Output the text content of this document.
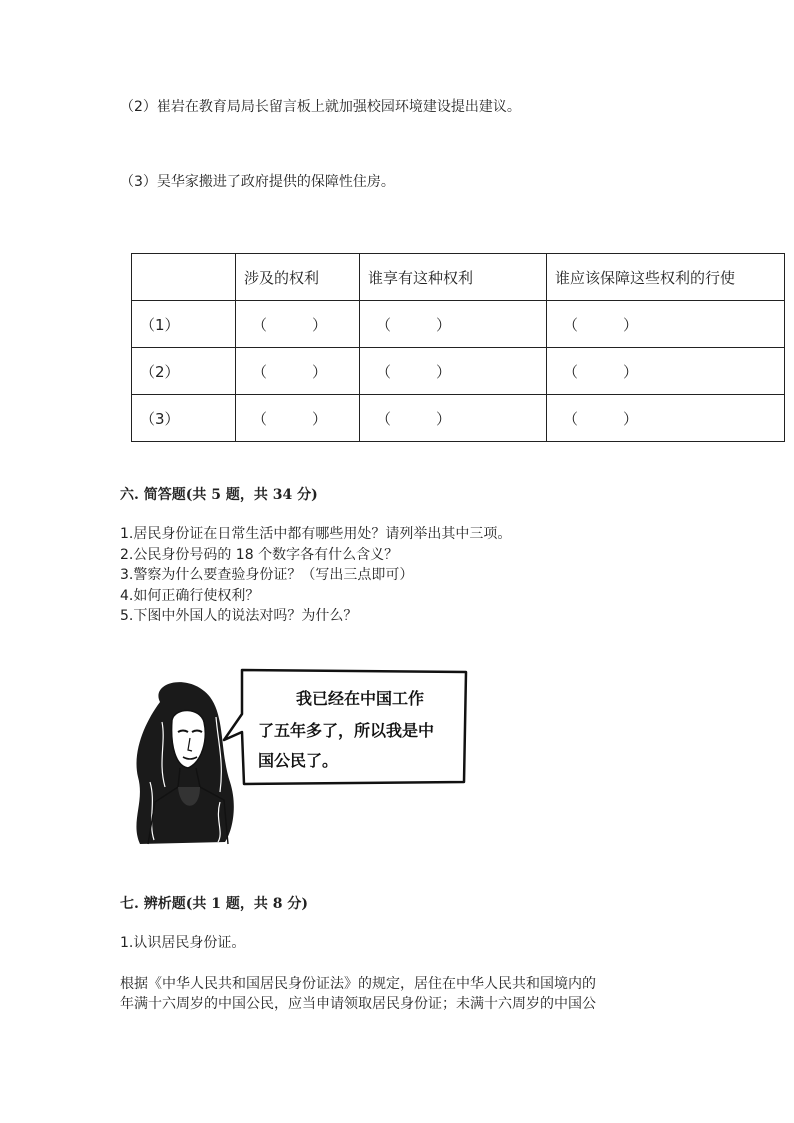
（2）崔岩在教育局局长留言板上就加强校园环境建设提出建议。
（3）吴华家搬进了政府提供的保障性住房。
	涉及的权利	谁享有这种权利	谁应该保障这些权利的行使
（1）	（　　　）	（　　　）	（　　　）
（2）	（　　　）	（　　　）	（　　　）
（3）	（　　　）	（　　　）	（　　　）
六. 简答题(共 5 题，共 34 分)
1.居民身份证在日常生活中都有哪些用处？请列举出其中三项。
2.公民身份号码的 18 个数字各有什么含义？
3.警察为什么要查验身份证？（写出三点即可）
4.如何正确行使权利？
5.下图中外国人的说法对吗？为什么？
我已经在中国工作
了五年多了，所以我是中
国公民了。
七. 辨析题(共 1 题，共 8 分)
1.认识居民身份证。
根据《中华人民共和国居民身份证法》的规定，居住在中华人民共和国境内的
年满十六周岁的中国公民，应当申请领取居民身份证；未满十六周岁的中国公
